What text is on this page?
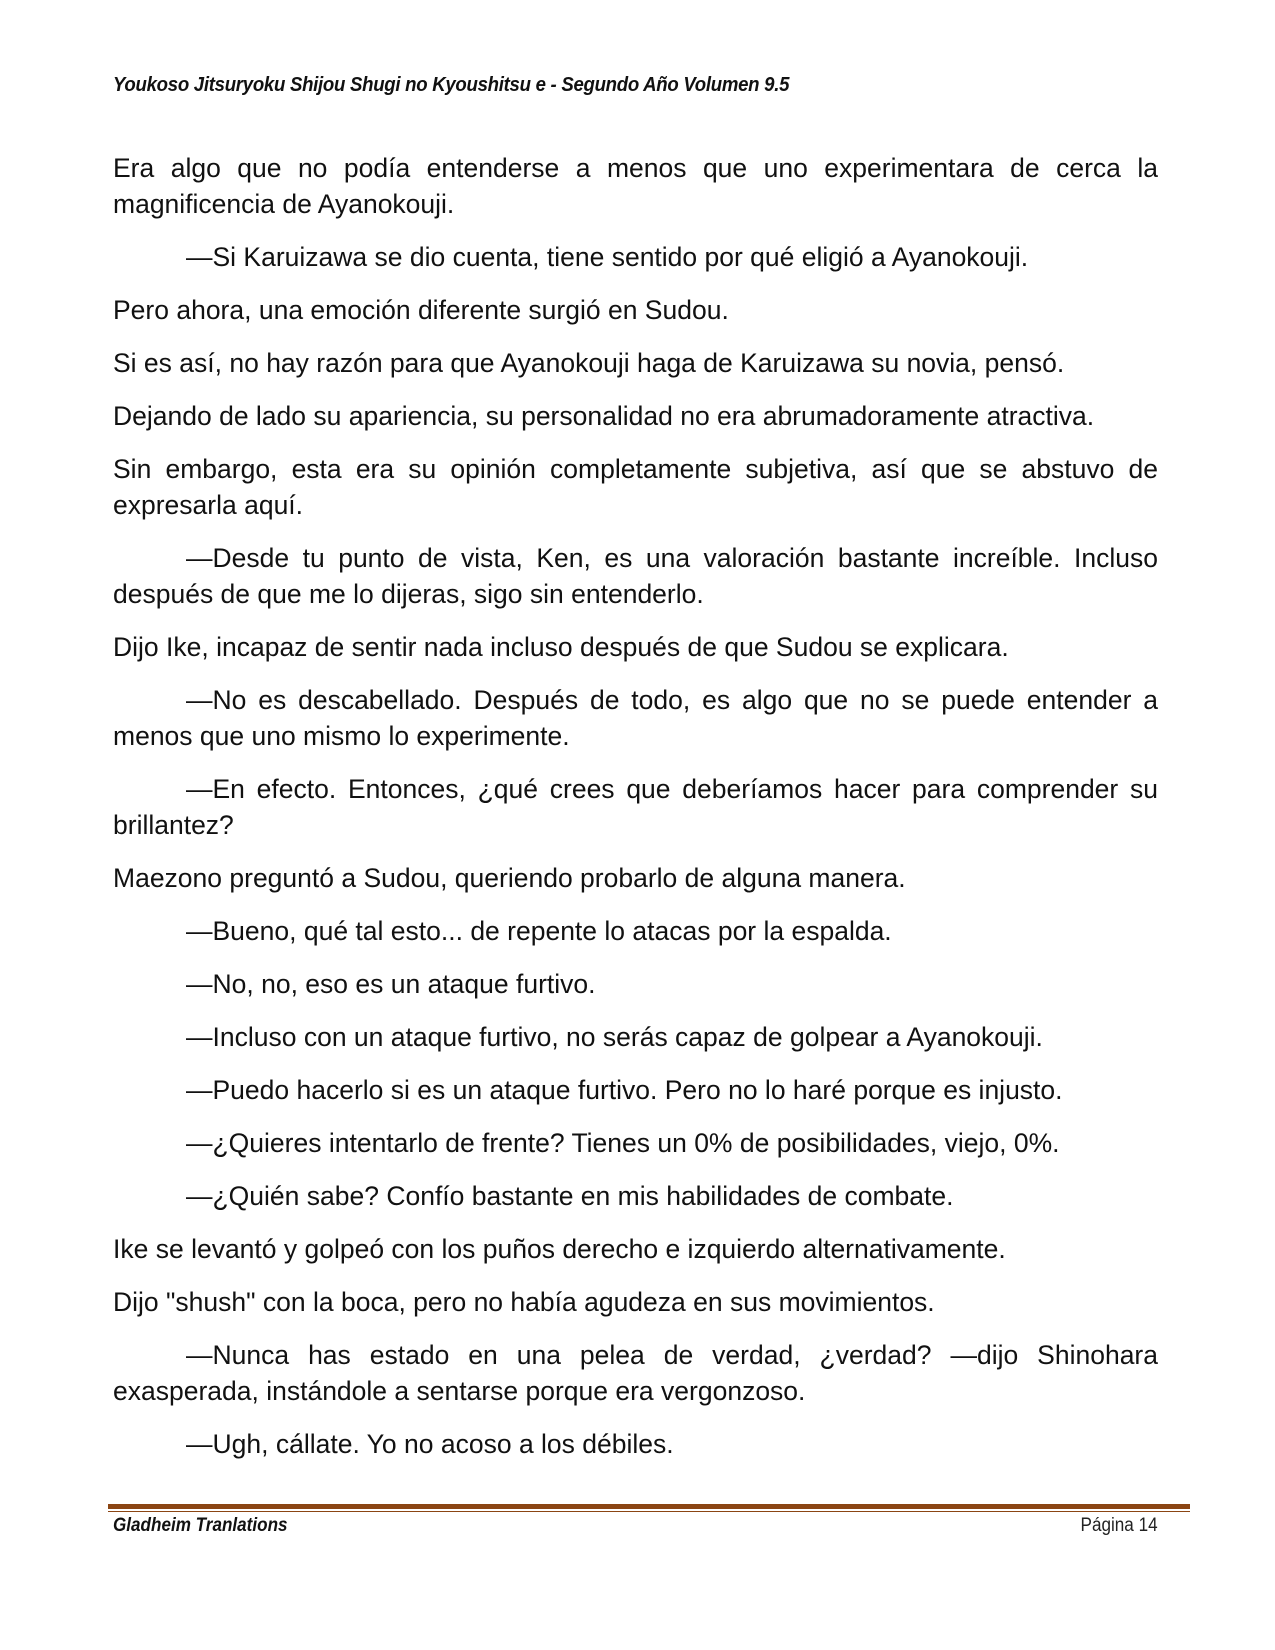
Youkoso Jitsuryoku Shijou Shugi no Kyoushitsu e - Segundo Año Volumen 9.5

Era algo que no podía entenderse a menos que uno experimentara de cerca la magnificencia de Ayanokouji.

—Si Karuizawa se dio cuenta, tiene sentido por qué eligió a Ayanokouji.

Pero ahora, una emoción diferente surgió en Sudou.

Si es así, no hay razón para que Ayanokouji haga de Karuizawa su novia, pensó.

Dejando de lado su apariencia, su personalidad no era abrumadoramente atractiva.

Sin embargo, esta era su opinión completamente subjetiva, así que se abstuvo de expresarla aquí.

—Desde tu punto de vista, Ken, es una valoración bastante increíble. Incluso después de que me lo dijeras, sigo sin entenderlo.

Dijo Ike, incapaz de sentir nada incluso después de que Sudou se explicara.

—No es descabellado. Después de todo, es algo que no se puede entender a menos que uno mismo lo experimente.

—En efecto. Entonces, ¿qué crees que deberíamos hacer para comprender su brillantez?

Maezono preguntó a Sudou, queriendo probarlo de alguna manera.

—Bueno, qué tal esto... de repente lo atacas por la espalda.

—No, no, eso es un ataque furtivo.

—Incluso con un ataque furtivo, no serás capaz de golpear a Ayanokouji.

—Puedo hacerlo si es un ataque furtivo. Pero no lo haré porque es injusto.

—¿Quieres intentarlo de frente? Tienes un 0% de posibilidades, viejo, 0%.

—¿Quién sabe? Confío bastante en mis habilidades de combate.

Ike se levantó y golpeó con los puños derecho e izquierdo alternativamente.

Dijo "shush" con la boca, pero no había agudeza en sus movimientos.

—Nunca has estado en una pelea de verdad, ¿verdad? —dijo Shinohara exasperada, instándole a sentarse porque era vergonzoso.

—Ugh, cállate. Yo no acoso a los débiles.

Gladheim Tranlations	Página 14
